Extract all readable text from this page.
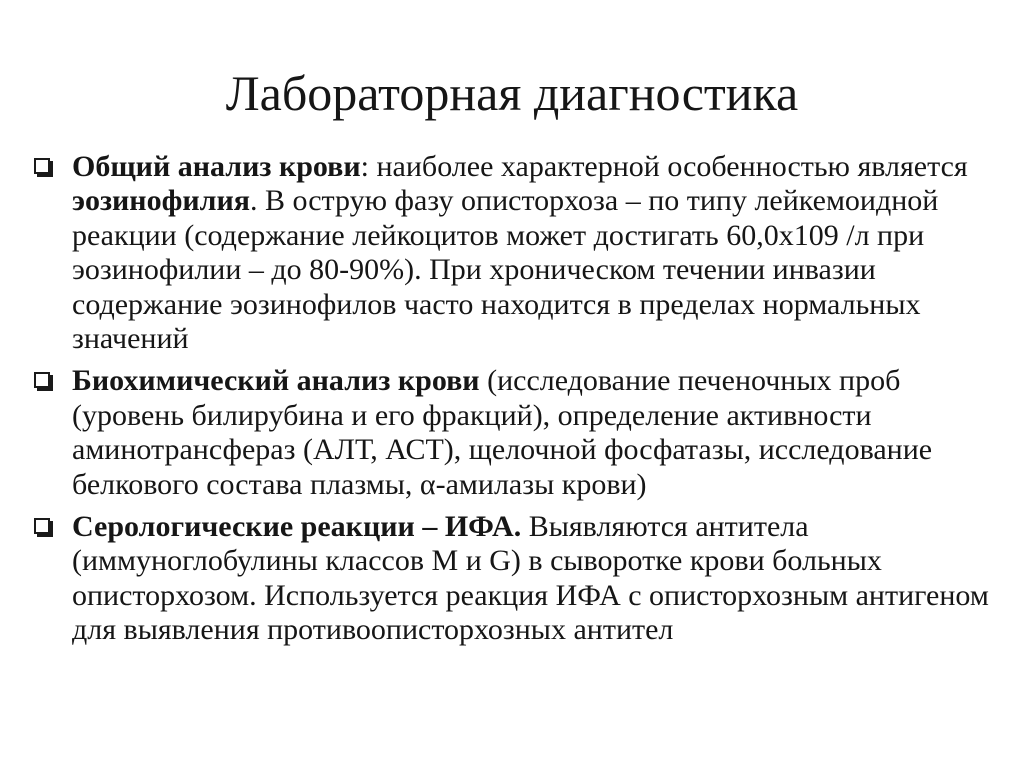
Лабораторная диагностика
Общий анализ крови: наиболее характерной особенностью является эозинофилия. В острую фазу описторхоза – по типу лейкемоидной реакции (содержание лейкоцитов может достигать 60,0x109 /л при эозинофилии – до 80-90%). При хроническом течении инвазии содержание эозинофилов часто находится в пределах нормальных значений
Биохимический анализ крови (исследование печеночных проб (уровень билирубина и его фракций), определение активности аминотрансфераз (АЛТ, АСТ), щелочной фосфатазы, исследование белкового состава плазмы, α-амилазы крови)
Серологические реакции – ИФА. Выявляются антитела (иммуноглобулины классов M и G) в сыворотке крови больных описторхозом. Используется реакция ИФА с описторхозным антигеном для выявления противоописторхозных антител
